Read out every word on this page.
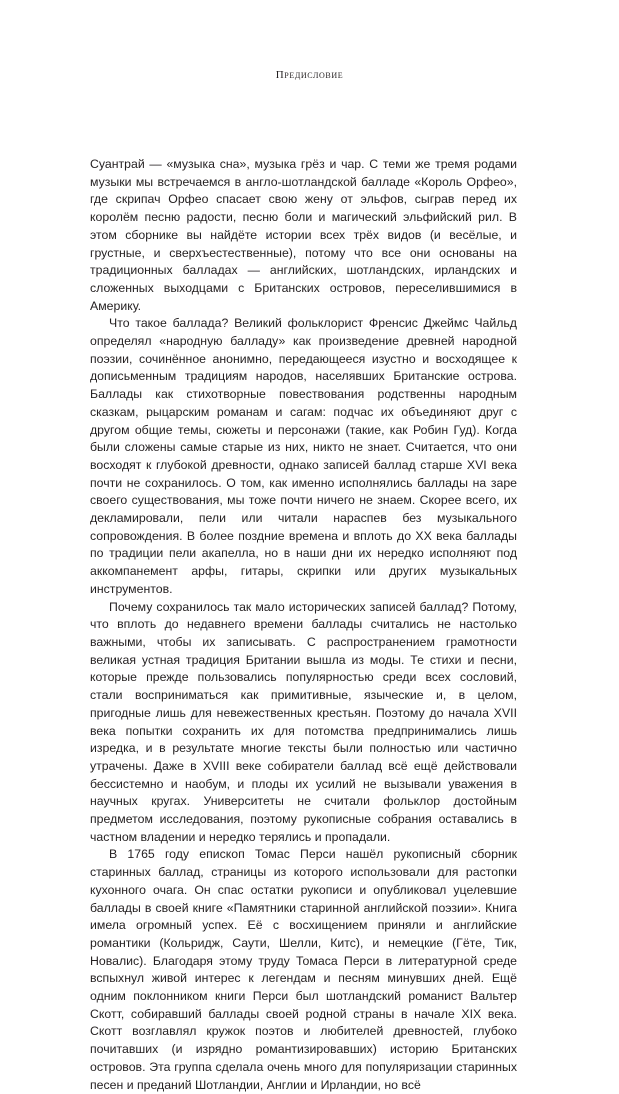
Предисловие

Суантрай — «музыка сна», музыка грёз и чар. С теми же тремя родами музыки мы встречаемся в англо-шотландской балладе «Король Орфео», где скрипач Орфео спасает свою жену от эльфов, сыграв перед их королём песню радости, песню боли и магический эльфийский рил. В этом сборнике вы найдёте истории всех трёх видов (и весёлые, и грустные, и сверхъестественные), потому что все они основаны на традиционных балладах — английских, шотландских, ирландских и сложенных выходцами с Британских островов, переселившимися в Америку.

Что такое баллада? Великий фольклорист Френсис Джеймс Чайльд определял «народную балладу» как произведение древней народной поэзии, сочинённое анонимно, передающееся изустно и восходящее к дописьменным традициям народов, населявших Британские острова. Баллады как стихотворные повествования родственны народным сказкам, рыцарским романам и сагам: подчас их объединяют друг с другом общие темы, сюжеты и персонажи (такие, как Робин Гуд). Когда были сложены самые старые из них, никто не знает. Считается, что они восходят к глубокой древности, однако записей баллад старше XVI века почти не сохранилось. О том, как именно исполнялись баллады на заре своего существования, мы тоже почти ничего не знаем. Скорее всего, их декламировали, пели или читали нараспев без музыкального сопровождения. В более поздние времена и вплоть до XX века баллады по традиции пели акапелла, но в наши дни их нередко исполняют под аккомпанемент арфы, гитары, скрипки или других музыкальных инструментов.

Почему сохранилось так мало исторических записей баллад? Потому, что вплоть до недавнего времени баллады считались не настолько важными, чтобы их записывать. С распространением грамотности великая устная традиция Британии вышла из моды. Те стихи и песни, которые прежде пользовались популярностью среди всех сословий, стали восприниматься как примитивные, языческие и, в целом, пригодные лишь для невежественных крестьян. Поэтому до начала XVII века попытки сохранить их для потомства предпринимались лишь изредка, и в результате многие тексты были полностью или частично утрачены. Даже в XVIII веке собиратели баллад всё ещё действовали бессистемно и наобум, и плоды их усилий не вызывали уважения в научных кругах. Университеты не считали фольклор достойным предметом исследования, поэтому рукописные собрания оставались в частном владении и нередко терялись и пропадали.

В 1765 году епископ Томас Перси нашёл рукописный сборник старинных баллад, страницы из которого использовали для растопки кухонного очага. Он спас остатки рукописи и опубликовал уцелевшие баллады в своей книге «Памятники старинной английской поэзии». Книга имела огромный успех. Её с восхищением приняли и английские романтики (Кольридж, Саути, Шелли, Китс), и немецкие (Гёте, Тик, Новалис). Благодаря этому труду Томаса Перси в литературной среде вспыхнул живой интерес к легендам и песням минувших дней. Ещё одним поклонником книги Перси был шотландский романист Вальтер Скотт, собиравший баллады своей родной страны в начале XIX века. Скотт возглавлял кружок поэтов и любителей древностей, глубоко почитавших (и изрядно романтизировавших) историю Британских островов. Эта группа сделала очень много для популяризации старинных песен и преданий Шотландии, Англии и Ирландии, но всё
